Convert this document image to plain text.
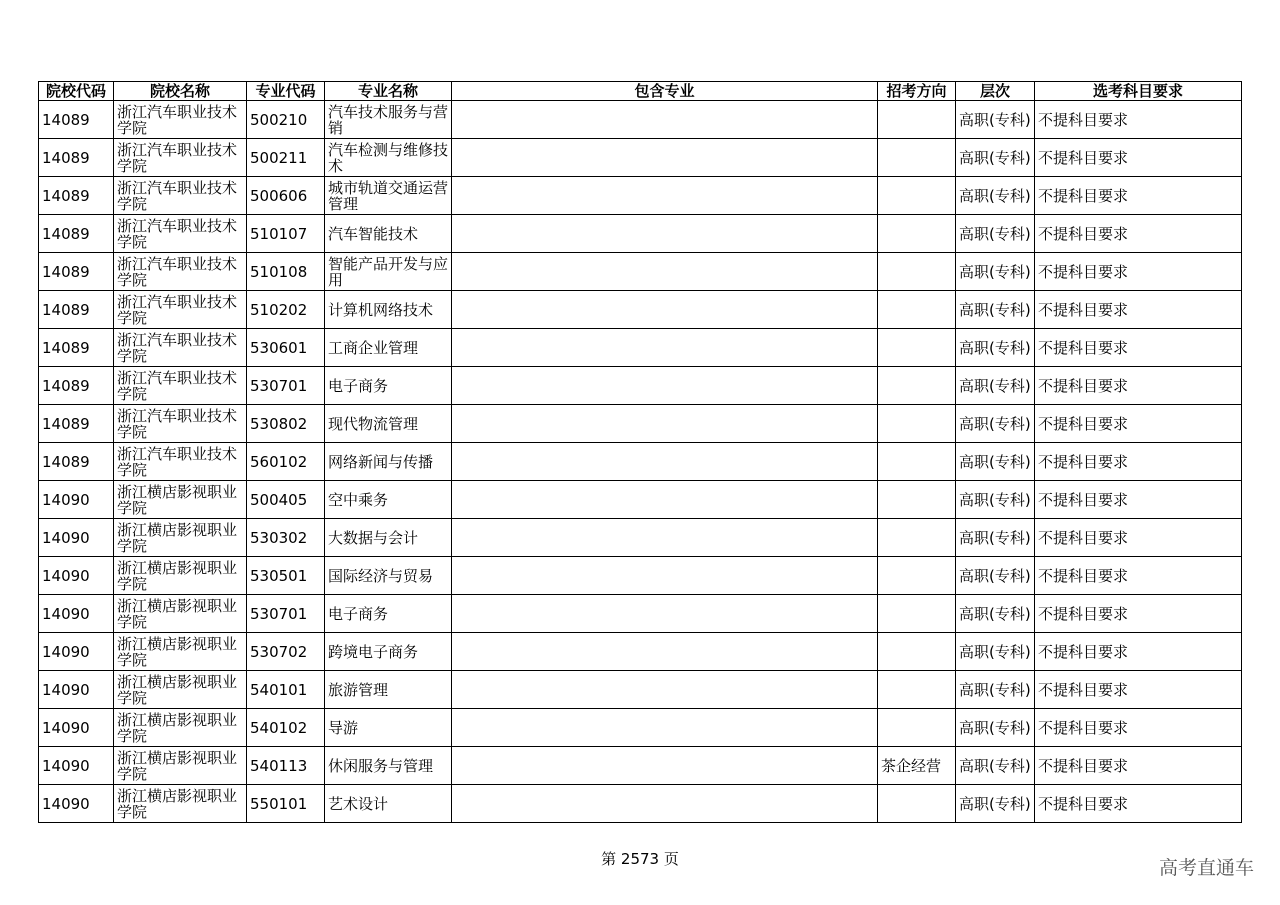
院校代码	院校名称	专业代码	专业名称	包含专业	招考方向	层次	选考科目要求
14089	浙江汽车职业技术学院	500210	汽车技术服务与营销			高职(专科)	不提科目要求
14089	浙江汽车职业技术学院	500211	汽车检测与维修技术			高职(专科)	不提科目要求
14089	浙江汽车职业技术学院	500606	城市轨道交通运营管理			高职(专科)	不提科目要求
14089	浙江汽车职业技术学院	510107	汽车智能技术			高职(专科)	不提科目要求
14089	浙江汽车职业技术学院	510108	智能产品开发与应用			高职(专科)	不提科目要求
14089	浙江汽车职业技术学院	510202	计算机网络技术			高职(专科)	不提科目要求
14089	浙江汽车职业技术学院	530601	工商企业管理			高职(专科)	不提科目要求
14089	浙江汽车职业技术学院	530701	电子商务			高职(专科)	不提科目要求
14089	浙江汽车职业技术学院	530802	现代物流管理			高职(专科)	不提科目要求
14089	浙江汽车职业技术学院	560102	网络新闻与传播			高职(专科)	不提科目要求
14090	浙江横店影视职业学院	500405	空中乘务			高职(专科)	不提科目要求
14090	浙江横店影视职业学院	530302	大数据与会计			高职(专科)	不提科目要求
14090	浙江横店影视职业学院	530501	国际经济与贸易			高职(专科)	不提科目要求
14090	浙江横店影视职业学院	530701	电子商务			高职(专科)	不提科目要求
14090	浙江横店影视职业学院	530702	跨境电子商务			高职(专科)	不提科目要求
14090	浙江横店影视职业学院	540101	旅游管理			高职(专科)	不提科目要求
14090	浙江横店影视职业学院	540102	导游			高职(专科)	不提科目要求
14090	浙江横店影视职业学院	540113	休闲服务与管理		茶企经营	高职(专科)	不提科目要求
14090	浙江横店影视职业学院	550101	艺术设计			高职(专科)	不提科目要求
第 2573 页	高考直通车
